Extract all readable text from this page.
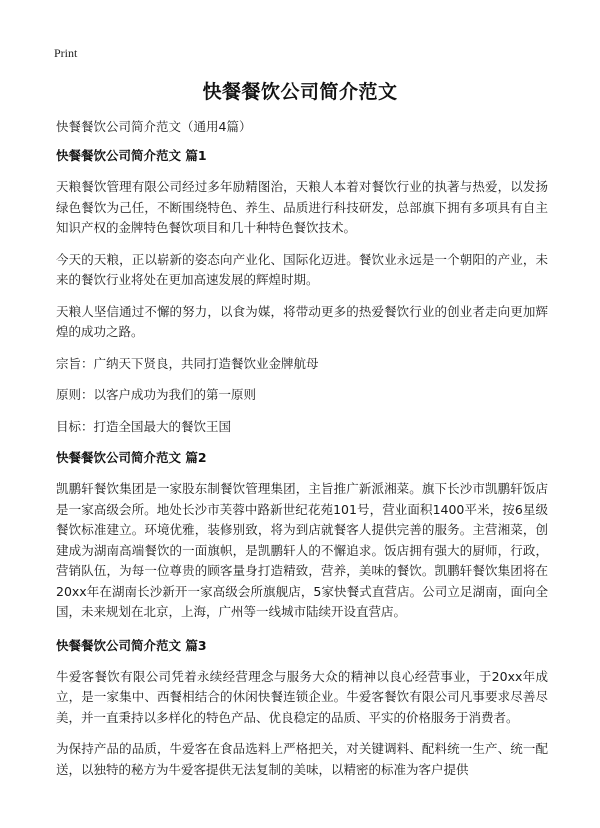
Print
快餐餐饮公司简介范文

快餐餐饮公司简介范文（通用4篇）

快餐餐饮公司简介范文 篇1

天粮餐饮管理有限公司经过多年励精图治，天粮人本着对餐饮行业的执著与热爱，以发扬绿色餐饮为己任，不断围绕特色、养生、品质进行科技研发，总部旗下拥有多项具有自主知识产权的金牌特色餐饮项目和几十种特色餐饮技术。

今天的天粮，正以崭新的姿态向产业化、国际化迈进。餐饮业永远是一个朝阳的产业，未来的餐饮行业将处在更加高速发展的辉煌时期。

天粮人坚信通过不懈的努力，以食为媒，将带动更多的热爱餐饮行业的创业者走向更加辉煌的成功之路。

宗旨：广纳天下贤良，共同打造餐饮业金牌航母

原则：以客户成功为我们的第一原则

目标：打造全国最大的餐饮王国

快餐餐饮公司简介范文 篇2

凯鹏轩餐饮集团是一家股东制餐饮管理集团，主旨推广新派湘菜。旗下长沙市凯鹏轩饭店是一家高级会所。地处长沙市芙蓉中路新世纪花苑101号，营业面积1400平米，按6星级餐饮标准建立。环境优雅，装修别致，将为到店就餐客人提供完善的服务。主营湘菜，创建成为湖南高端餐饮的一面旗帜，是凯鹏轩人的不懈追求。饭店拥有强大的厨师，行政，营销队伍，为每一位尊贵的顾客量身打造精致，营养，美味的餐饮。凯鹏轩餐饮集团将在20xx年在湖南长沙新开一家高级会所旗舰店，5家快餐式直营店。公司立足湖南，面向全国，未来规划在北京，上海，广州等一线城市陆续开设直营店。

快餐餐饮公司简介范文 篇3

牛爱客餐饮有限公司凭着永续经营理念与服务大众的精神以良心经营事业，于20xx年成立，是一家集中、西餐相结合的休闲快餐连锁企业。牛爱客餐饮有限公司凡事要求尽善尽美，并一直秉持以多样化的特色产品、优良稳定的品质、平实的价格服务于消费者。

为保持产品的品质，牛爱客在食品选料上严格把关，对关键调料、配料统一生产、统一配送，以独特的秘方为牛爱客提供无法复制的美味，以精密的标准为客户提供
